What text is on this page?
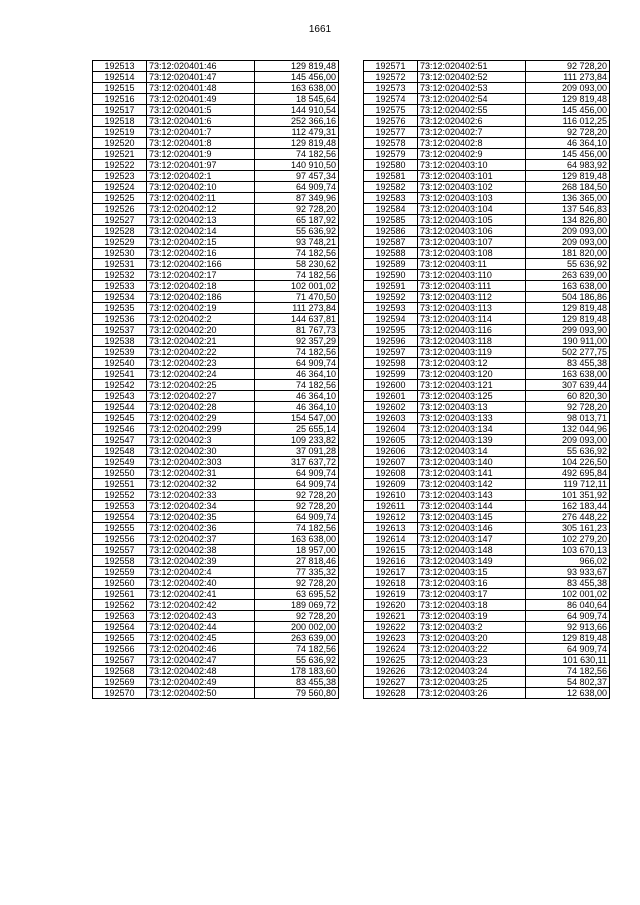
1661
192513	73:12:020401:46	129 819,48
192514	73:12:020401:47	145 456,00
192515	73:12:020401:48	163 638,00
192516	73:12:020401:49	18 545,64
192517	73:12:020401:5	144 910,54
192518	73:12:020401:6	252 366,16
192519	73:12:020401:7	112 479,31
192520	73:12:020401:8	129 819,48
192521	73:12:020401:9	74 182,56
192522	73:12:020401:97	140 910,50
192523	73:12:020402:1	97 457,34
192524	73:12:020402:10	64 909,74
192525	73:12:020402:11	87 349,96
192526	73:12:020402:12	92 728,20
192527	73:12:020402:13	65 187,92
192528	73:12:020402:14	55 636,92
192529	73:12:020402:15	93 748,21
192530	73:12:020402:16	74 182,56
192531	73:12:020402:166	58 230,62
192532	73:12:020402:17	74 182,56
192533	73:12:020402:18	102 001,02
192534	73:12:020402:186	71 470,50
192535	73:12:020402:19	111 273,84
192536	73:12:020402:2	144 637,81
192537	73:12:020402:20	81 767,73
192538	73:12:020402:21	92 357,29
192539	73:12:020402:22	74 182,56
192540	73:12:020402:23	64 909,74
192541	73:12:020402:24	46 364,10
192542	73:12:020402:25	74 182,56
192543	73:12:020402:27	46 364,10
192544	73:12:020402:28	46 364,10
192545	73:12:020402:29	154 547,00
192546	73:12:020402:299	25 655,14
192547	73:12:020402:3	109 233,82
192548	73:12:020402:30	37 091,28
192549	73:12:020402:303	317 637,72
192550	73:12:020402:31	64 909,74
192551	73:12:020402:32	64 909,74
192552	73:12:020402:33	92 728,20
192553	73:12:020402:34	92 728,20
192554	73:12:020402:35	64 909,74
192555	73:12:020402:36	74 182,56
192556	73:12:020402:37	163 638,00
192557	73:12:020402:38	18 957,00
192558	73:12:020402:39	27 818,46
192559	73:12:020402:4	77 335,32
192560	73:12:020402:40	92 728,20
192561	73:12:020402:41	63 695,52
192562	73:12:020402:42	189 069,72
192563	73:12:020402:43	92 728,20
192564	73:12:020402:44	200 002,00
192565	73:12:020402:45	263 639,00
192566	73:12:020402:46	74 182,56
192567	73:12:020402:47	55 636,92
192568	73:12:020402:48	178 183,60
192569	73:12:020402:49	83 455,38
192570	73:12:020402:50	79 560,80
192571	73:12:020402:51	92 728,20
192572	73:12:020402:52	111 273,84
192573	73:12:020402:53	209 093,00
192574	73:12:020402:54	129 819,48
192575	73:12:020402:55	145 456,00
192576	73:12:020402:6	116 012,25
192577	73:12:020402:7	92 728,20
192578	73:12:020402:8	46 364,10
192579	73:12:020402:9	145 456,00
192580	73:12:020403:10	64 983,92
192581	73:12:020403:101	129 819,48
192582	73:12:020403:102	268 184,50
192583	73:12:020403:103	136 365,00
192584	73:12:020403:104	137 546,83
192585	73:12:020403:105	134 826,80
192586	73:12:020403:106	209 093,00
192587	73:12:020403:107	209 093,00
192588	73:12:020403:108	181 820,00
192589	73:12:020403:11	55 636,92
192590	73:12:020403:110	263 639,00
192591	73:12:020403:111	163 638,00
192592	73:12:020403:112	504 186,86
192593	73:12:020403:113	129 819,48
192594	73:12:020403:114	129 819,48
192595	73:12:020403:116	299 093,90
192596	73:12:020403:118	190 911,00
192597	73:12:020403:119	502 277,75
192598	73:12:020403:12	83 455,38
192599	73:12:020403:120	163 638,00
192600	73:12:020403:121	307 639,44
192601	73:12:020403:125	60 820,30
192602	73:12:020403:13	92 728,20
192603	73:12:020403:133	98 013,71
192604	73:12:020403:134	132 044,96
192605	73:12:020403:139	209 093,00
192606	73:12:020403:14	55 636,92
192607	73:12:020403:140	104 226,50
192608	73:12:020403:141	492 695,84
192609	73:12:020403:142	119 712,11
192610	73:12:020403:143	101 351,92
192611	73:12:020403:144	162 183,44
192612	73:12:020403:145	276 448,22
192613	73:12:020403:146	305 161,23
192614	73:12:020403:147	102 279,20
192615	73:12:020403:148	103 670,13
192616	73:12:020403:149	966,02
192617	73:12:020403:15	93 933,67
192618	73:12:020403:16	83 455,38
192619	73:12:020403:17	102 001,02
192620	73:12:020403:18	86 040,64
192621	73:12:020403:19	64 909,74
192622	73:12:020403:2	92 913,66
192623	73:12:020403:20	129 819,48
192624	73:12:020403:22	64 909,74
192625	73:12:020403:23	101 630,11
192626	73:12:020403:24	74 182,56
192627	73:12:020403:25	54 802,37
192628	73:12:020403:26	12 638,00
